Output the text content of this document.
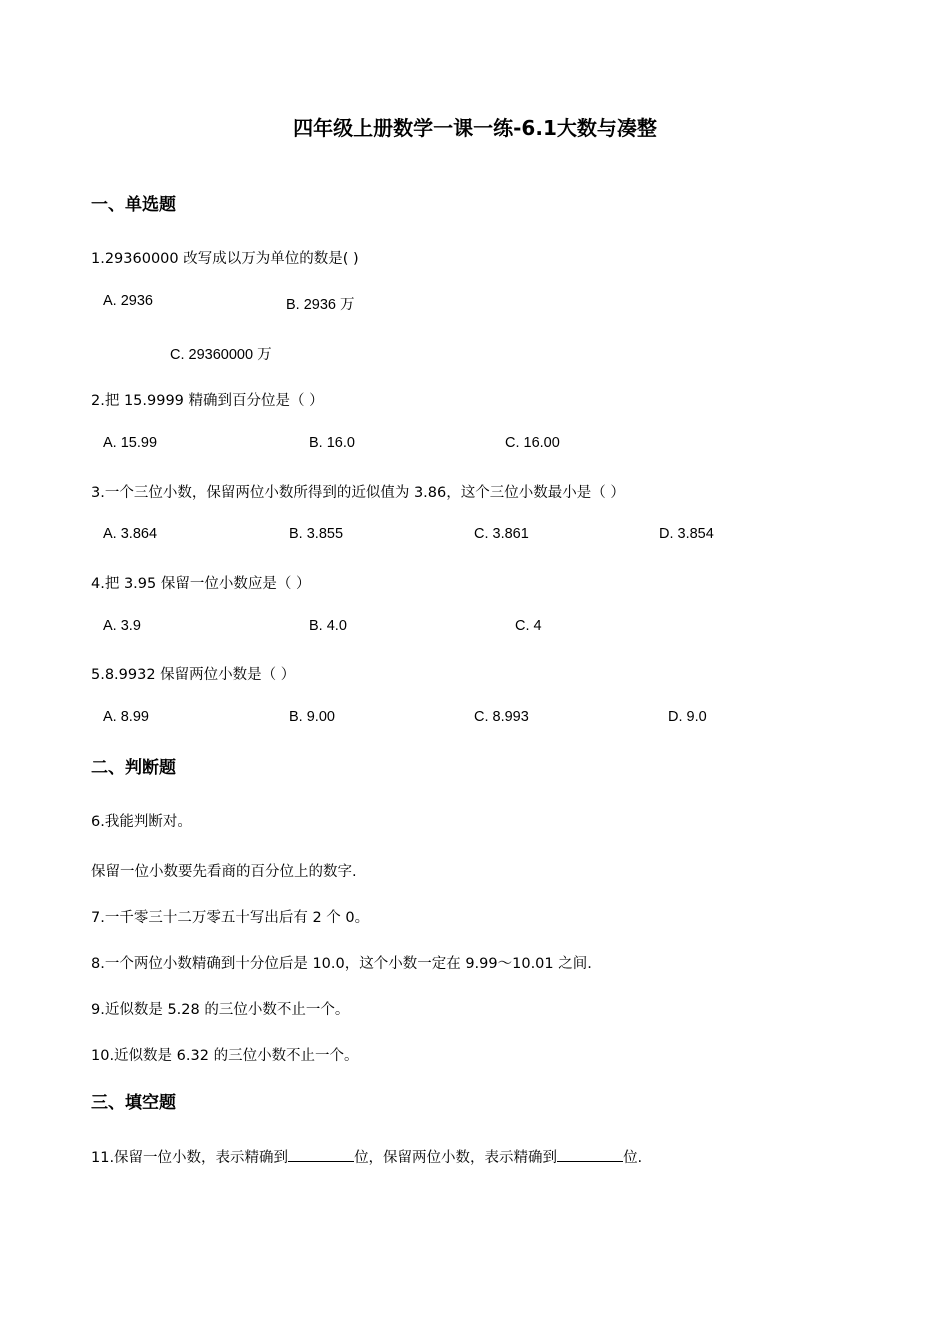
四年级上册数学一课一练-6.1大数与凑整
一、单选题
1.29360000 改写成以万为单位的数是( )
A. 2936	B. 2936 万
C. 29360000 万
2.把 15.9999 精确到百分位是（ ）
A. 15.99	B. 16.0	C. 16.00
3.一个三位小数，保留两位小数所得到的近似值为 3.86，这个三位小数最小是（ ）
A. 3.864	B. 3.855	C. 3.861	D. 3.854
4.把 3.95 保留一位小数应是（ ）
A. 3.9	B. 4.0	C. 4
5.8.9932 保留两位小数是（ ）
A. 8.99	B. 9.00	C. 8.993	D. 9.0
二、判断题
6.我能判断对。
保留一位小数要先看商的百分位上的数字.
7.一千零三十二万零五十写出后有 2 个 0。
8.一个两位小数精确到十分位后是 10.0，这个小数一定在 9.99～10.01 之间.
9.近似数是 5.28 的三位小数不止一个。
10.近似数是 6.32 的三位小数不止一个。
三、填空题
11.保留一位小数，表示精确到	位，保留两位小数，表示精确到	位.
